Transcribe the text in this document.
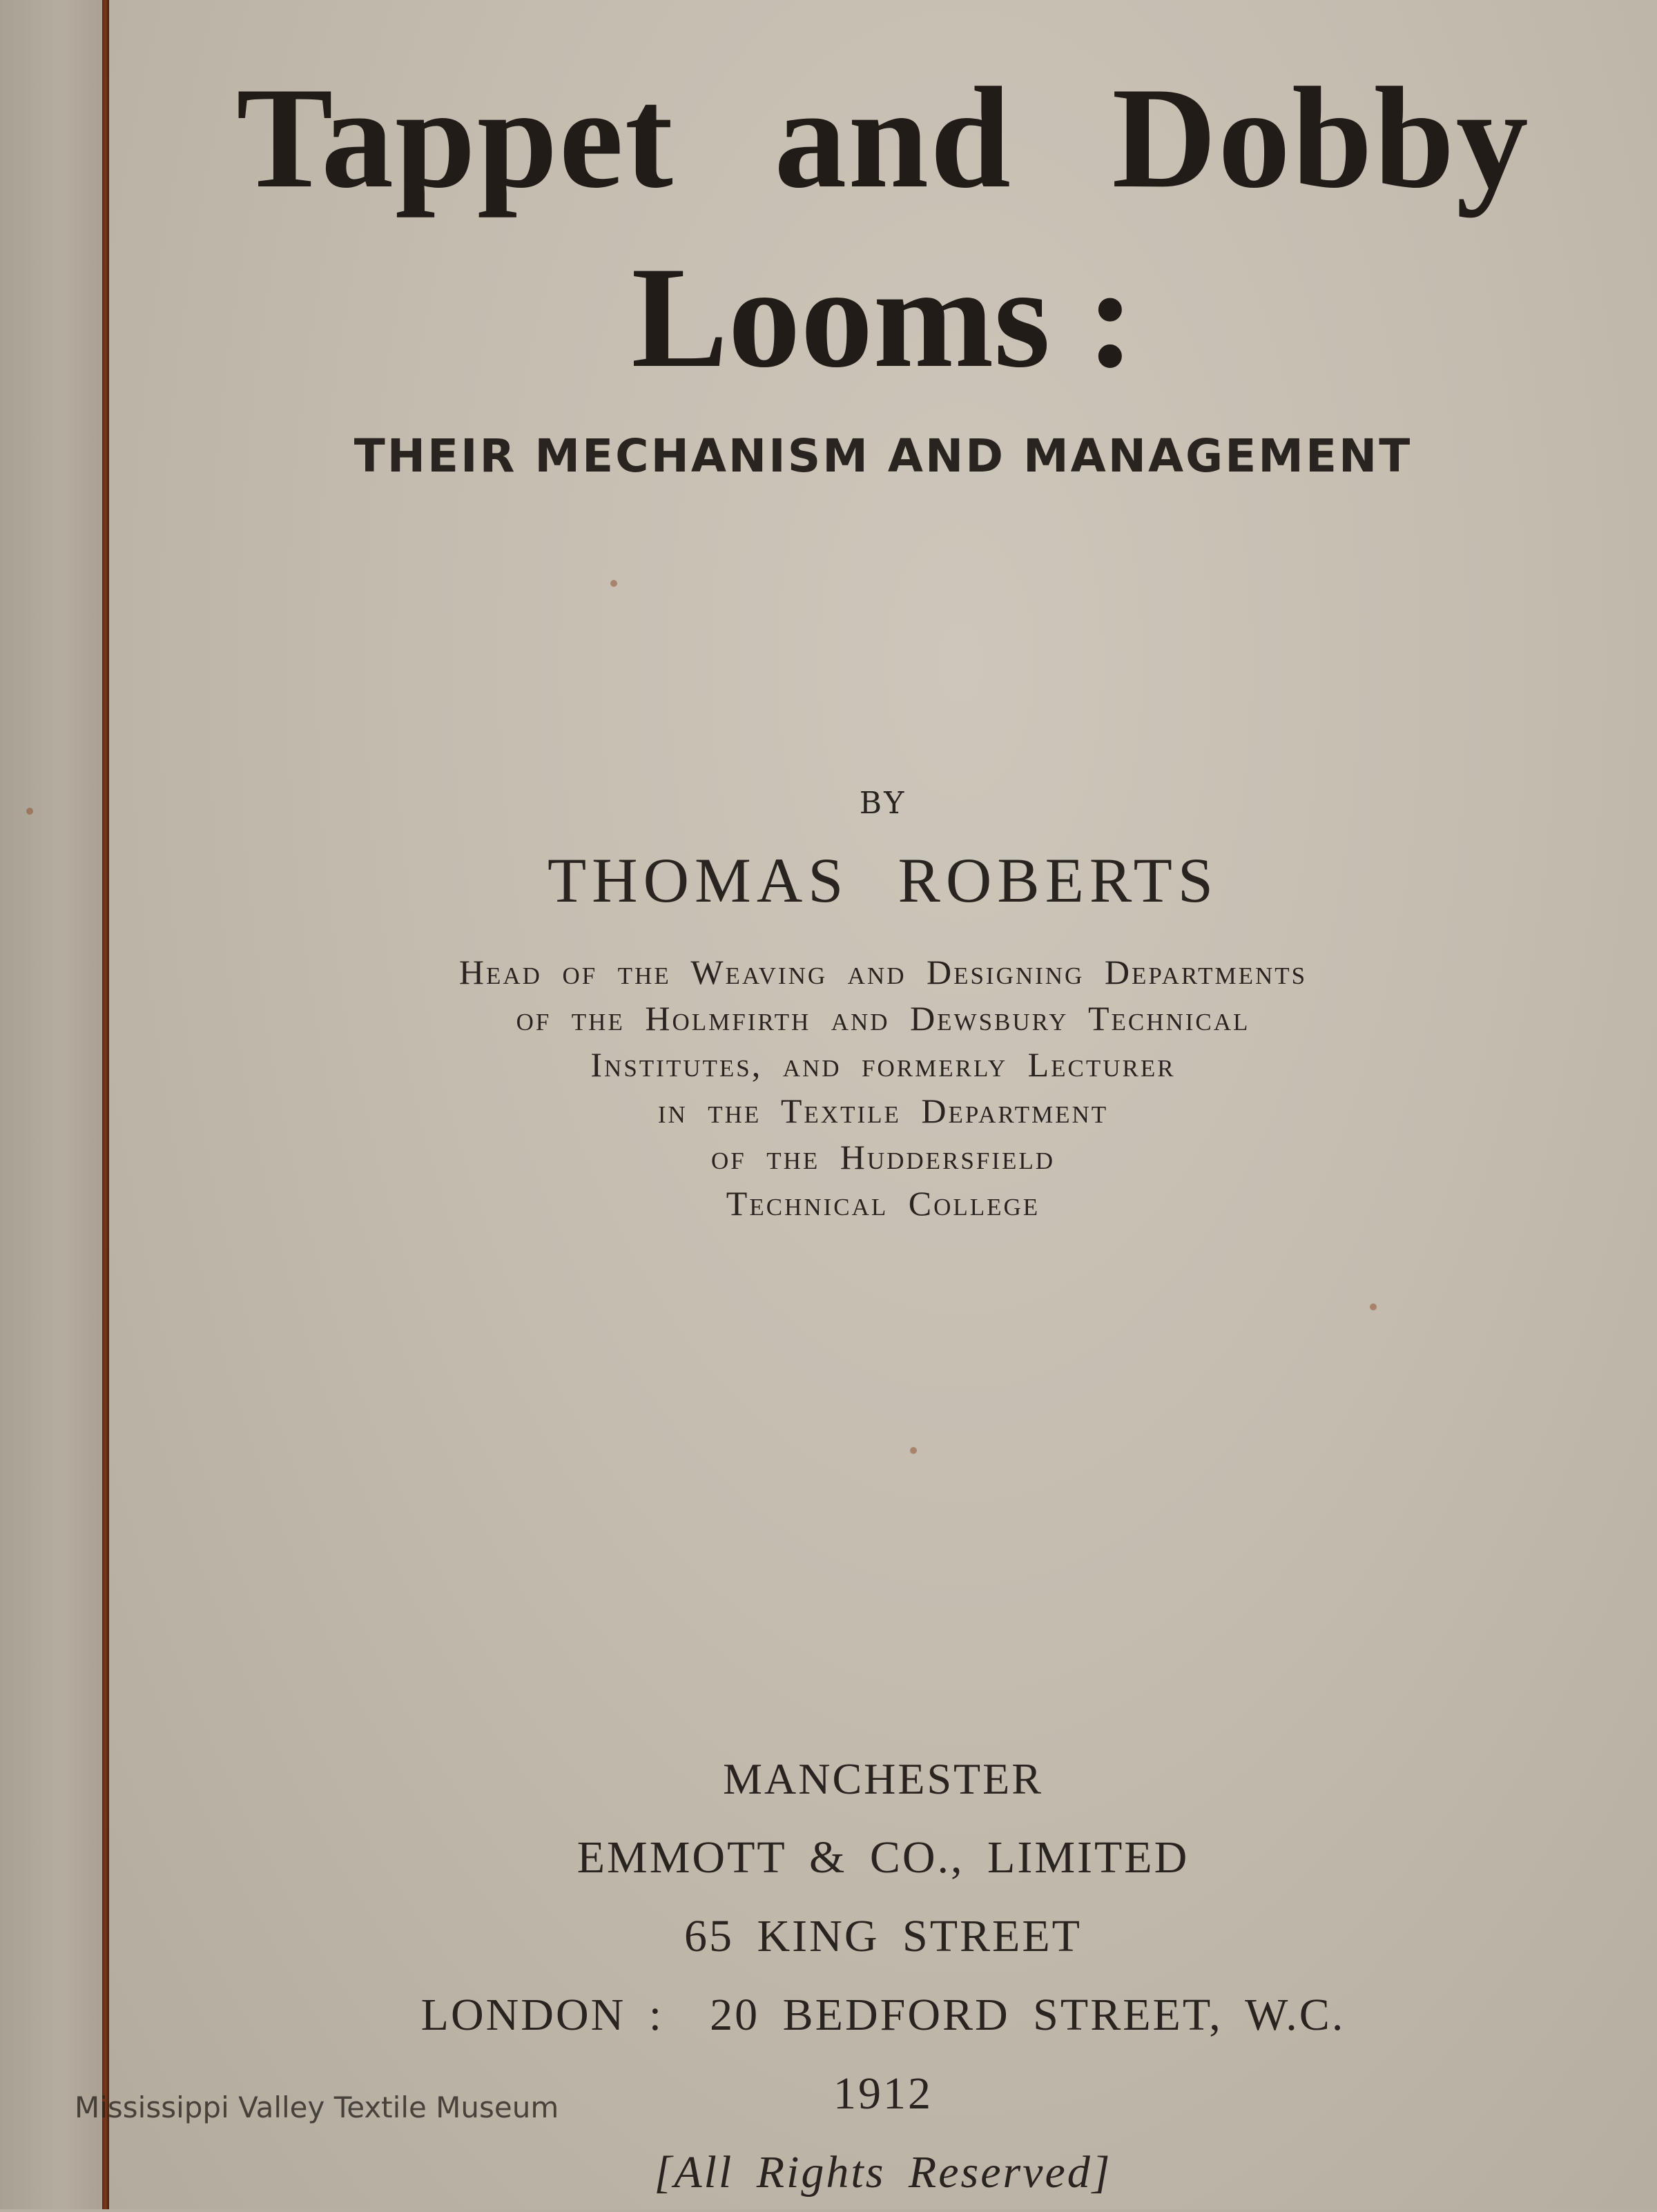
Tappet and Dobby
Looms :
THEIR MECHANISM AND MANAGEMENT
BY
THOMAS ROBERTS
Head of the Weaving and Designing Departments
of the Holmfirth and Dewsbury Technical
Institutes, and formerly Lecturer
in the Textile Department
of the Huddersfield
Technical College
MANCHESTER
EMMOTT & CO., LIMITED
65 KING STREET
LONDON :  20 BEDFORD STREET, W.C.
1912
[All Rights Reserved]
Mississippi Valley Textile Museum
